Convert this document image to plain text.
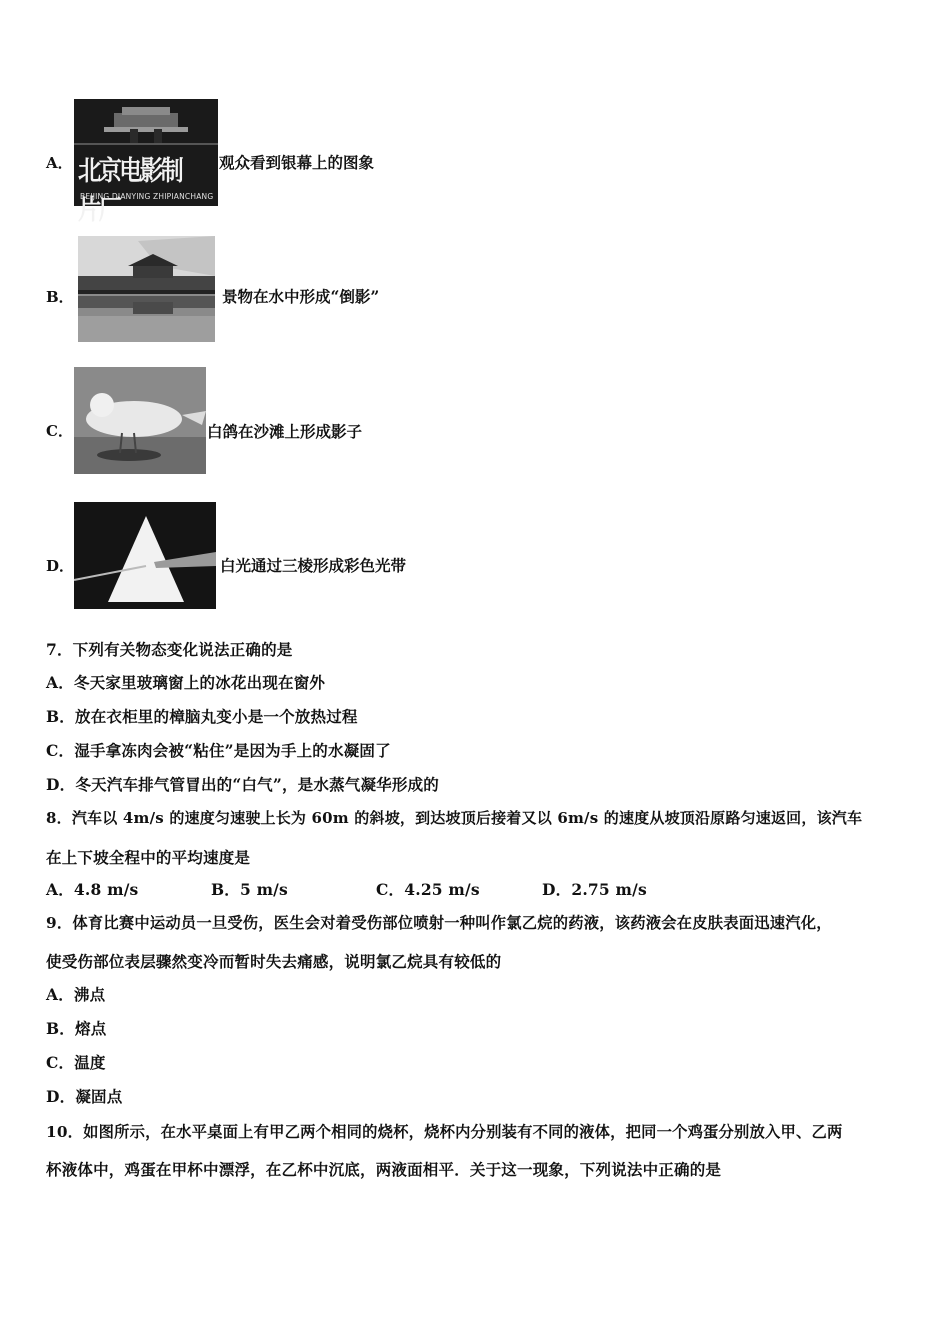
A． 北京电影制片厂
BEIJING DIANYING ZHIPIANCHANG
观众看到银幕上的图象
B．	景物在水中形成“倒影”
C．	白鸽在沙滩上形成影子
D．	白光通过三棱形成彩色光带
7．下列有关物态变化说法正确的是
A．冬天家里玻璃窗上的冰花出现在窗外
B．放在衣柜里的樟脑丸变小是一个放热过程
C．湿手拿冻肉会被“粘住”是因为手上的水凝固了
D．冬天汽车排气管冒出的“白气”，是水蒸气凝华形成的
8．汽车以 4m/s 的速度匀速驶上长为 60m 的斜坡，到达坡顶后接着又以 6m/s 的速度从坡顶沿原路匀速返回，该汽车
在上下坡全程中的平均速度是
A．4.8 m/s	B．5 m/s	C．4.25 m/s	D．2.75 m/s
9．体育比赛中运动员一旦受伤，医生会对着受伤部位喷射一种叫作氯乙烷的药液，该药液会在皮肤表面迅速汽化，
使受伤部位表层骤然变冷而暂时失去痛感，说明氯乙烷具有较低的
A．沸点
B．熔点
C．温度
D．凝固点
10．如图所示，在水平桌面上有甲乙两个相同的烧杯，烧杯内分别装有不同的液体，把同一个鸡蛋分别放入甲、乙两
杯液体中，鸡蛋在甲杯中漂浮，在乙杯中沉底，两液面相平．关于这一现象，下列说法中正确的是
